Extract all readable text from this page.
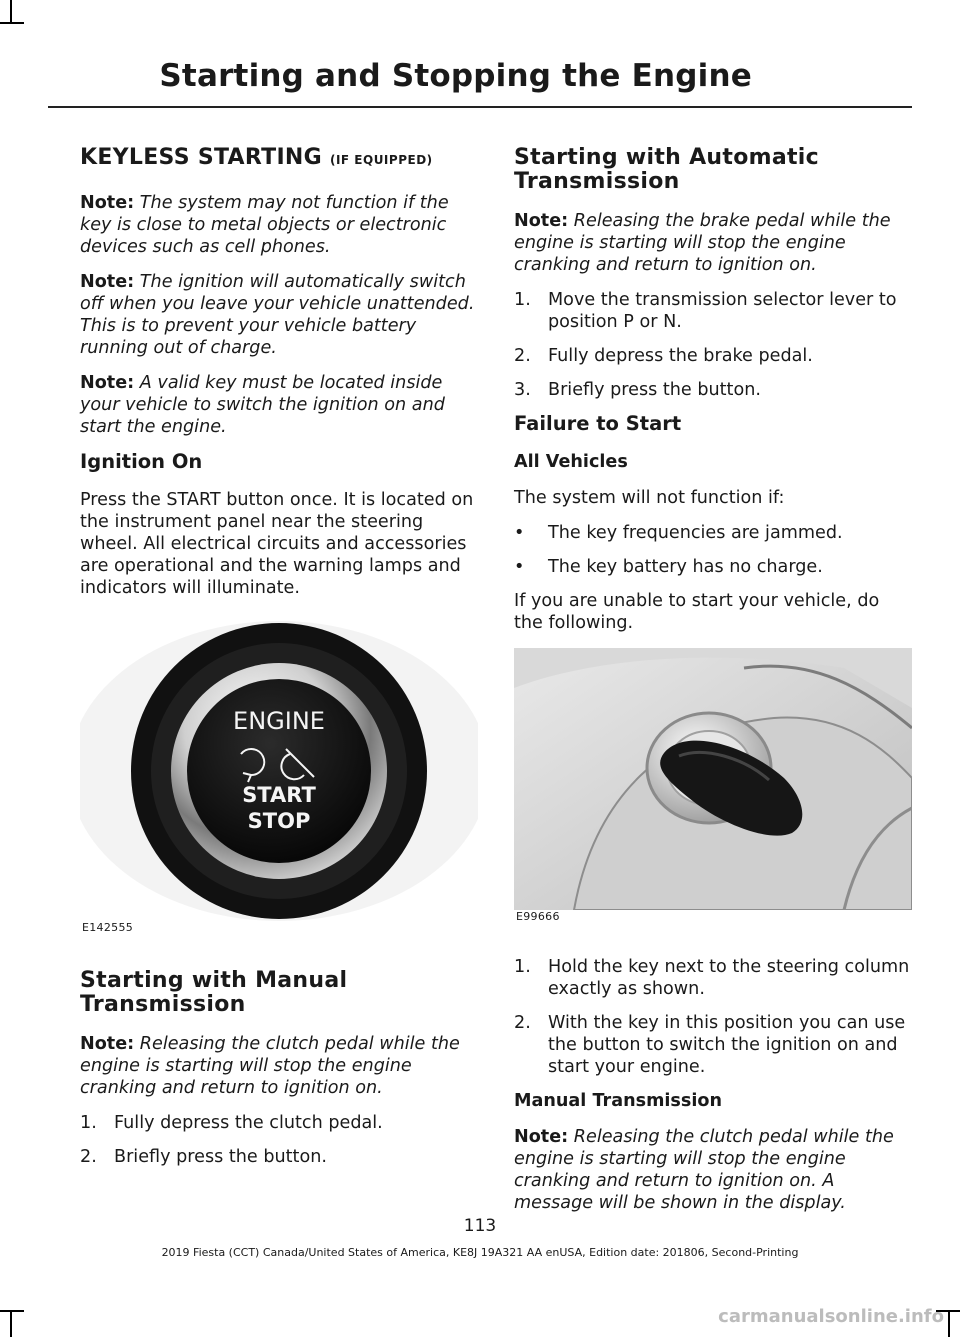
Starting and Stopping the Engine
KEYLESS STARTING (IF EQUIPPED)

Note: The system may not function if the key is close to metal objects or electronic devices such as cell phones.

Note: The ignition will automatically switch off when you leave your vehicle unattended. This is to prevent your vehicle battery running out of charge.

Note: A valid key must be located inside your vehicle to switch the ignition on and start the engine.

Ignition On

Press the START button once. It is located on the instrument panel near the steering wheel. All electrical circuits and accessories are operational and the warning lamps and indicators will illuminate.

ENGINE
START
STOP
E142555
Starting with Manual Transmission

Note: Releasing the clutch pedal while the engine is starting will stop the engine cranking and return to ignition on.

1. Fully depress the clutch pedal.
2. Briefly press the button.
Starting with Automatic Transmission

Note: Releasing the brake pedal while the engine is starting will stop the engine cranking and return to ignition on.

1. Move the transmission selector lever to position P or N.
2. Fully depress the brake pedal.
3. Briefly press the button.
Failure to Start
All Vehicles

The system will not function if:

• The key frequencies are jammed.
• The key battery has no charge.

If you are unable to start your vehicle, do the following.

E99666
1. Hold the key next to the steering column exactly as shown.
2. With the key in this position you can use the button to switch the ignition on and start your engine.
Manual Transmission

Note: Releasing the clutch pedal while the engine is starting will stop the engine cranking and return to ignition on. A message will be shown in the display.

113
2019 Fiesta (CCT) Canada/United States of America, KE8J 19A321 AA enUSA, Edition date: 201806, Second-Printing
carmanualsonline.info
